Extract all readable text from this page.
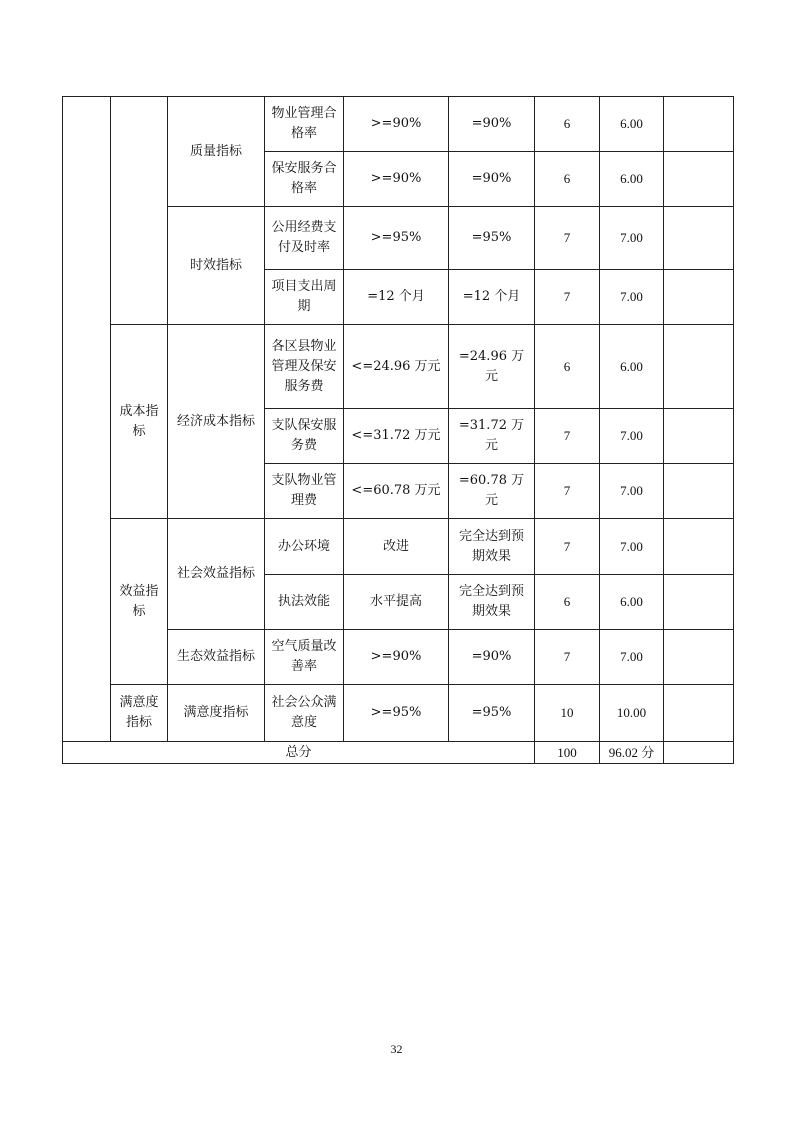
		质量指标	物业管理合格率	>=90%	=90%	6	6.00	
			保安服务合格率	>=90%	=90%	6	6.00	
		时效指标	公用经费支付及时率	>=95%	=95%	7	7.00	
			项目支出周期	=12 个月	=12 个月	7	7.00	
	成本指标	经济成本指标	各区县物业管理及保安服务费	<=24.96 万元	=24.96 万元	6	6.00	
			支队保安服务费	<=31.72 万元	=31.72 万元	7	7.00	
			支队物业管理费	<=60.78 万元	=60.78 万元	7	7.00	
	效益指标	社会效益指标	办公环境	改进	完全达到预期效果	7	7.00	
			执法效能	水平提高	完全达到预期效果	6	6.00	
		生态效益指标	空气质量改善率	>=90%	=90%	7	7.00	
	满意度指标	满意度指标	社会公众满意度	>=95%	=95%	10	10.00	
总分						100	96.02 分	
32
